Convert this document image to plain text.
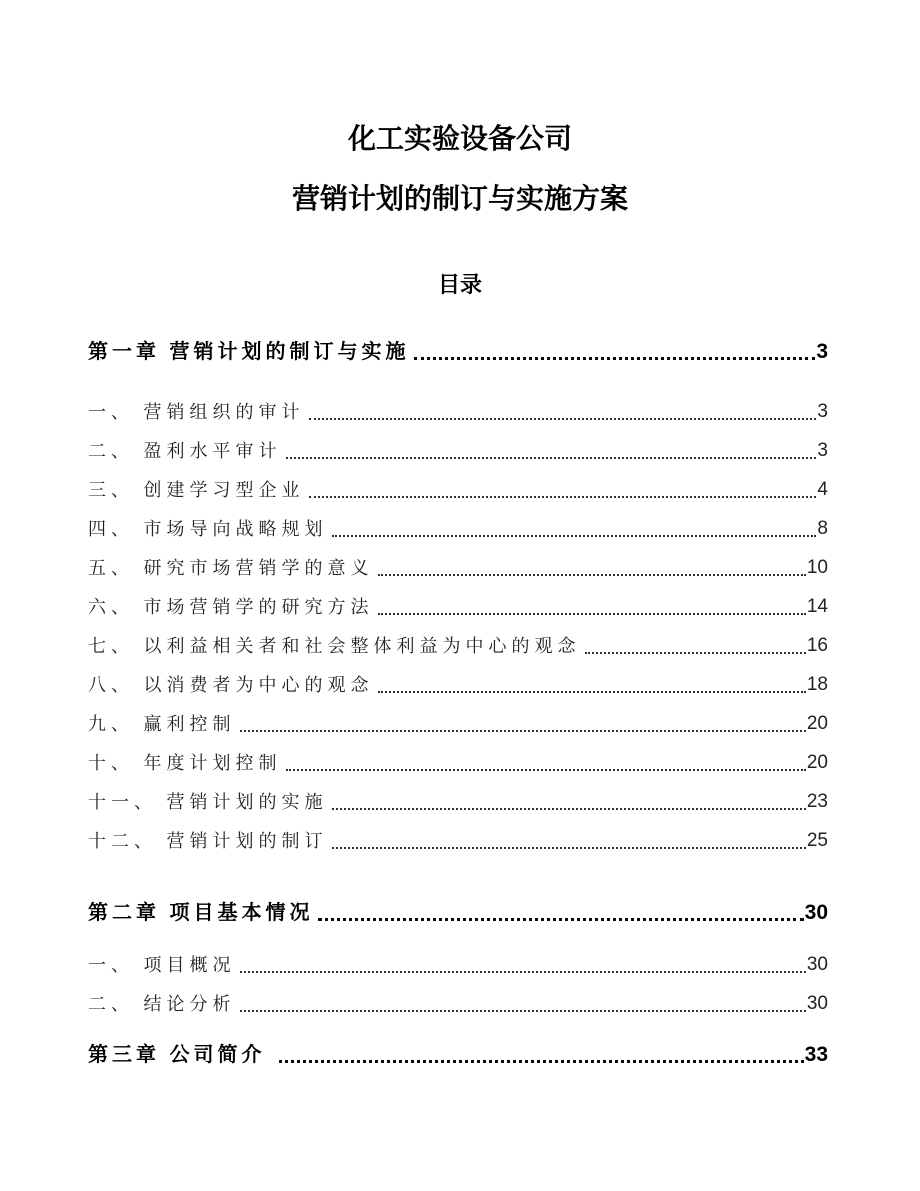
化工实验设备公司
营销计划的制订与实施方案
目录
第一章 营销计划的制订与实施	3
一、 营销组织的审计	3
二、 盈利水平审计	3
三、 创建学习型企业	4
四、 市场导向战略规划	8
五、 研究市场营销学的意义	10
六、 市场营销学的研究方法	14
七、 以利益相关者和社会整体利益为中心的观念	16
八、 以消费者为中心的观念	18
九、 赢利控制	20
十、 年度计划控制	20
十一、 营销计划的实施	23
十二、 营销计划的制订	25
第二章 项目基本情况	30
一、 项目概况	30
二、 结论分析	30
第三章 公司简介	33
